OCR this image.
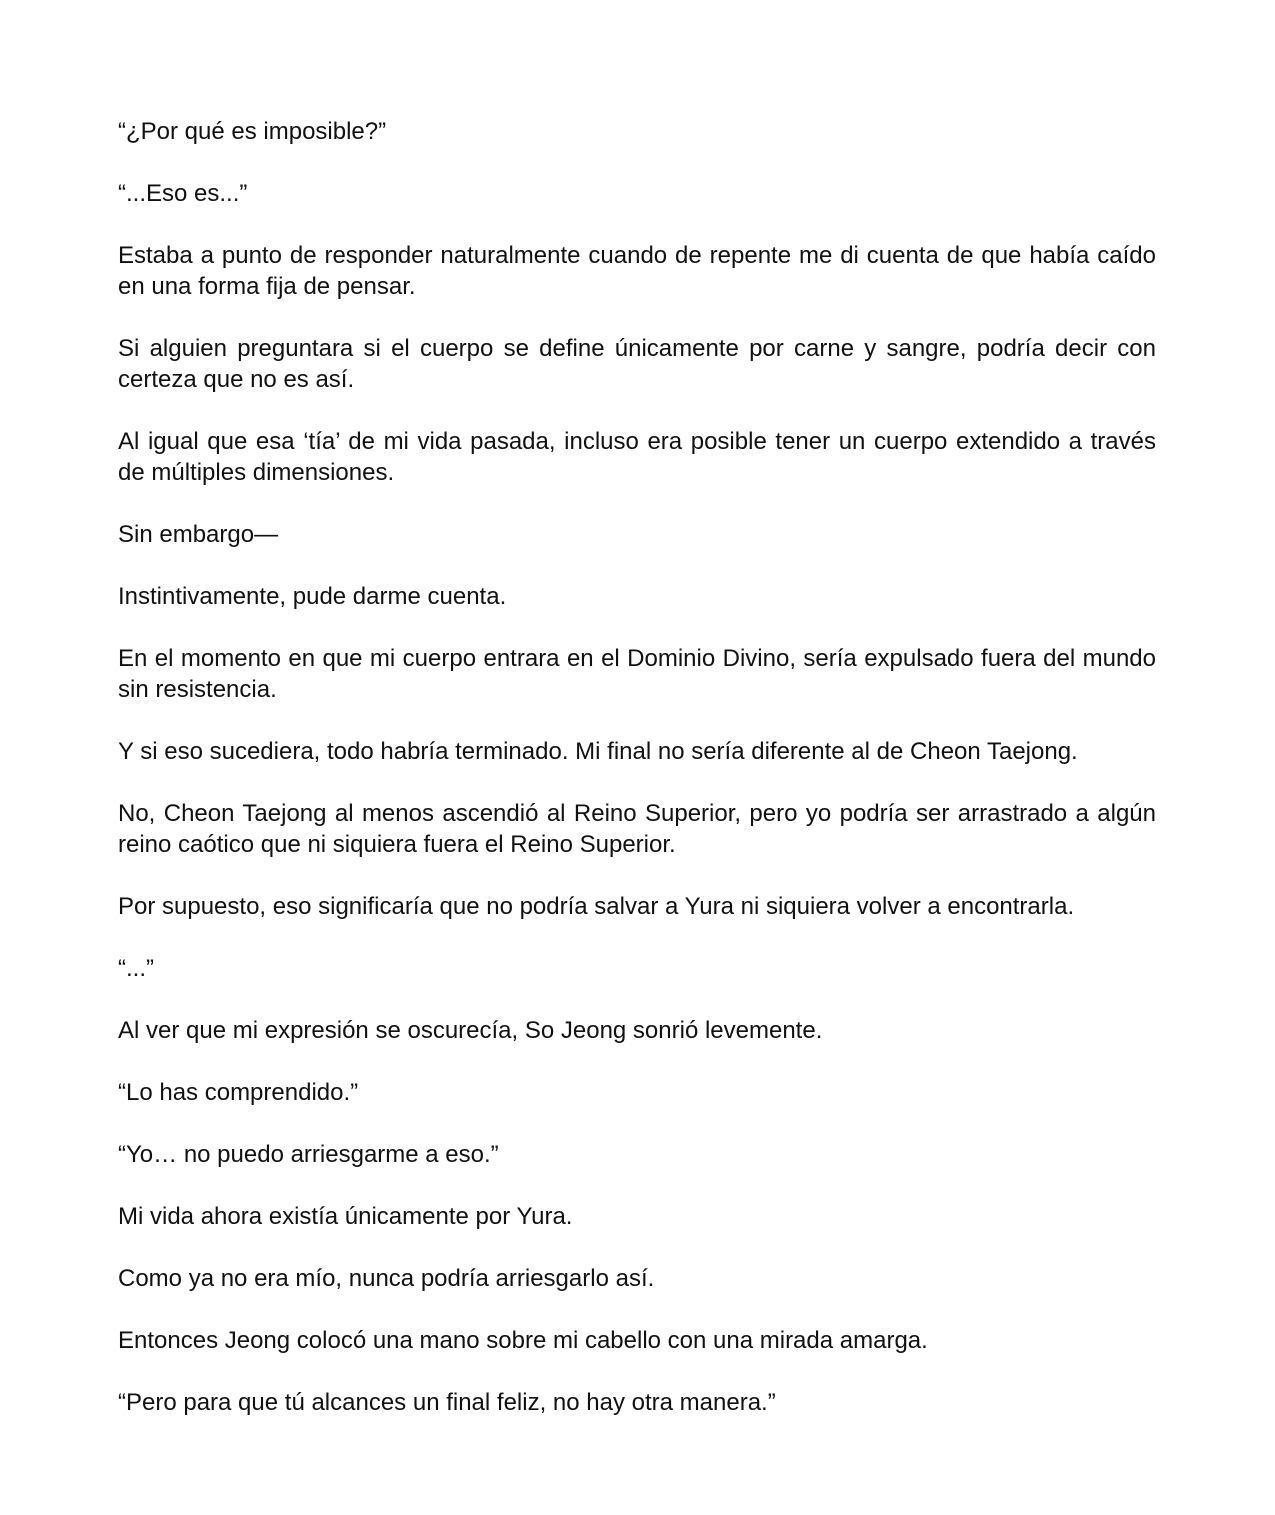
“¿Por qué es imposible?”

“...Eso es...”

Estaba a punto de responder naturalmente cuando de repente me di cuenta de que había caído en una forma fija de pensar.

Si alguien preguntara si el cuerpo se define únicamente por carne y sangre, podría decir con certeza que no es así.

Al igual que esa ‘tía’ de mi vida pasada, incluso era posible tener un cuerpo extendido a través de múltiples dimensiones.

Sin embargo—

Instintivamente, pude darme cuenta.

En el momento en que mi cuerpo entrara en el Dominio Divino, sería expulsado fuera del mundo sin resistencia.

Y si eso sucediera, todo habría terminado. Mi final no sería diferente al de Cheon Taejong.

No, Cheon Taejong al menos ascendió al Reino Superior, pero yo podría ser arrastrado a algún reino caótico que ni siquiera fuera el Reino Superior.

Por supuesto, eso significaría que no podría salvar a Yura ni siquiera volver a encontrarla.

“...”

Al ver que mi expresión se oscurecía, So Jeong sonrió levemente.

“Lo has comprendido.”

“Yo… no puedo arriesgarme a eso.”

Mi vida ahora existía únicamente por Yura.

Como ya no era mío, nunca podría arriesgarlo así.

Entonces Jeong colocó una mano sobre mi cabello con una mirada amarga.

“Pero para que tú alcances un final feliz, no hay otra manera.”
